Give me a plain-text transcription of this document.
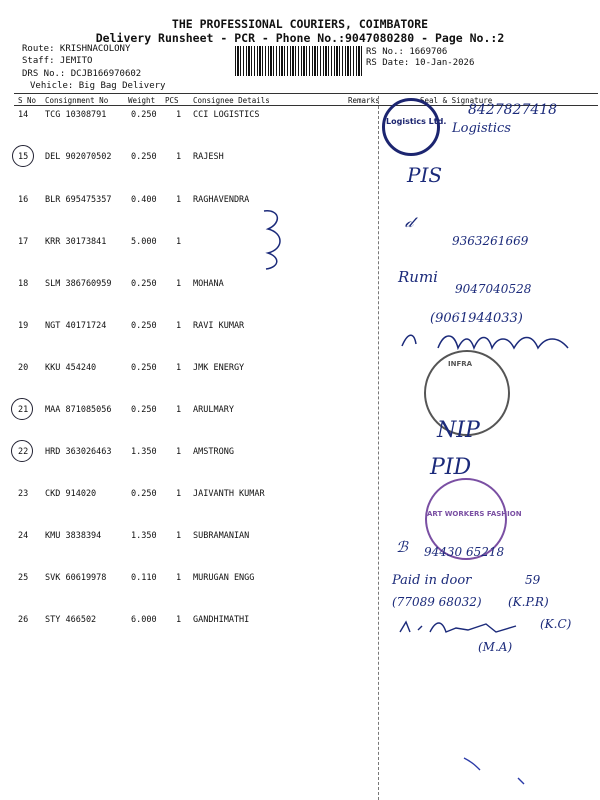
THE PROFESSIONAL COURIERS, COIMBATORE
Delivery Runsheet - PCR - Phone No.:9047080280 - Page No.:2
Route: KRISHNACOLONY
Staff: JEMITO
DRS No.: DCJB166970602
Vehicle: Big Bag Delivery
RS No.: 1669706
RS Date: 10-Jan-2026
S No Consignment No	Weight PCS Consignee Details	Remarks	Seal & Signature
14 TCG 10308791	0.250 1 CCI LOGISTICS
15 DEL 902070502 0.250 1 RAJESH
16 BLR 695475357 0.400 1 RAGHAVENDRA
17 KRR 30173841	5.000 1
18 SLM 386760959 0.250 1 MOHANA
19 NGT 40171724	0.250 1 RAVI KUMAR
20 KKU 454240	0.250 1 JMK ENERGY
21 MAA 871085056 0.250 1 ARULMARY
22 HRD 363026463 1.350 1 AMSTRONG
23 CKD 914020	0.250 1 JAIVANTH KUMAR
24 KMU 3838394	1.350 1 SUBRAMANIAN
25 SVK 60619978	0.110 1 MURUGAN ENGG
26 STY 466502	6.000 1 GANDHIMATHI
Logistics Ltd.
INFRA
ART WORKERS FASHION
8427827418
Logistics
PIS
𝒹
9363261669
Rumi
9047040528
(9061944033)
NIP
PID
ℬ 94430 65218
Paid in door	59
(77089 68032) (K.P.R)
(K.C)
(M.A)
